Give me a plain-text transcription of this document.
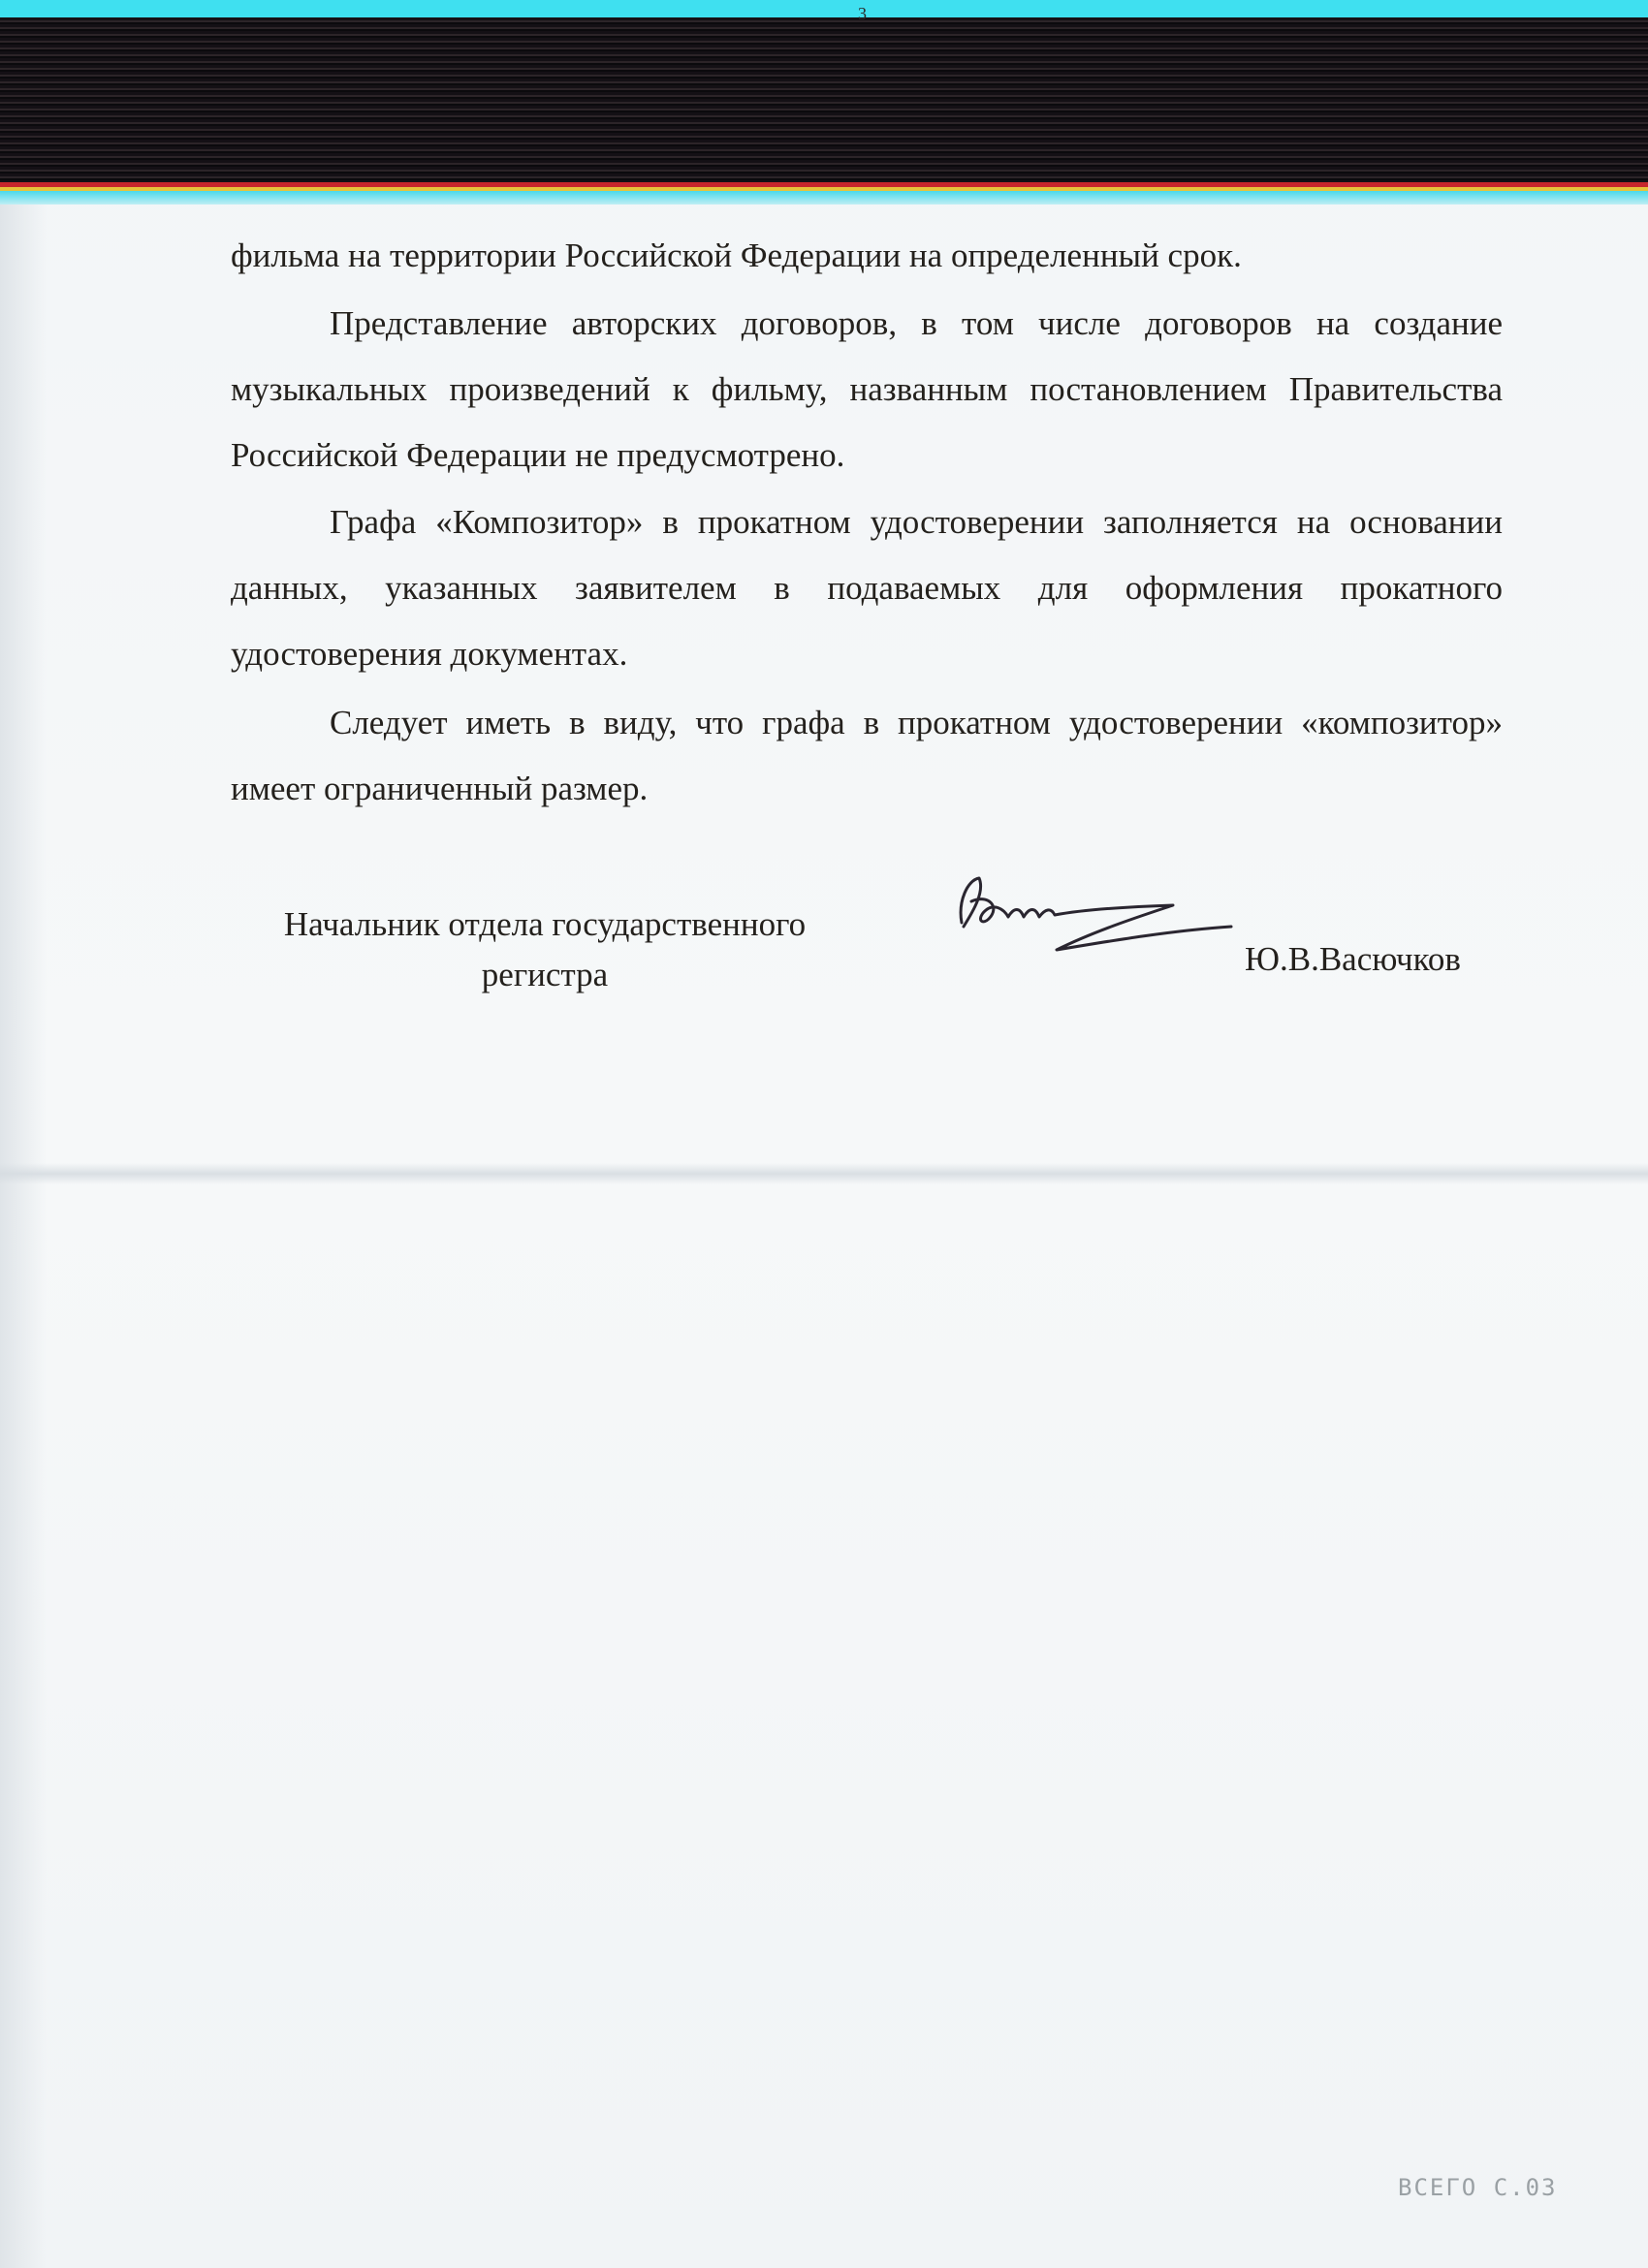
3
фильма на территории Российской Федерации на определенный срок.

Представление авторских договоров, в том числе договоров на создание музыкальных произведений к фильму, названным постановлением Правительства Российской Федерации не предусмотрено.

Графа «Композитор» в прокатном удостоверении заполняется на основании данных, указанных заявителем в подаваемых для оформления прокатного удостоверения документах.

Следует иметь в виду, что графа в прокатном удостоверении «композитор» имеет ограниченный размер.

Начальник отдела государственного
регистра	Ю.В.Васючков
ВСЕГО С.03
